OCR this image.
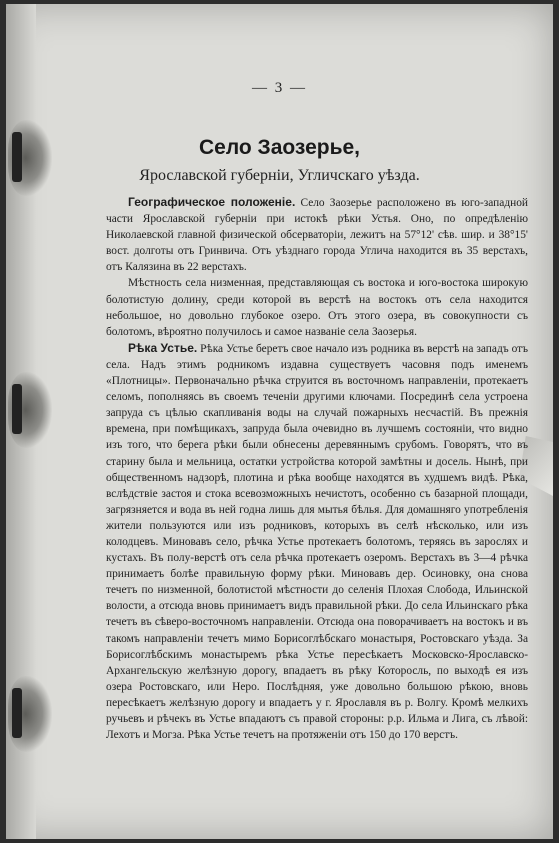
— 3 —
Село Заозерье,
Ярославской губерніи, Угличскаго уѣзда.

Географическое положеніе. Село Заозерье расположено въ юго-западной части Ярославской губерніи при истокѣ рѣки Устья. Оно, по опредѣленію Николаевской главной физической обсерваторіи, лежитъ на 57°12' сѣв. шир. и 38°15' вост. долготы отъ Гринвича. Отъ уѣзднаго города Углича находится въ 35 верстахъ, отъ Калязина въ 22 верстахъ.

Мѣстность села низменная, представляющая съ востока и юго-востока широкую болотистую долину, среди которой въ верстѣ на востокъ отъ села находится небольшое, но довольно глубокое озеро. Отъ этого озера, въ совокупности съ болотомъ, вѣроятно получилось и самое названіе села Заозерья.

Рѣка Устье. Рѣка Устье беретъ свое начало изъ родника въ верстѣ на западъ отъ села. Надъ этимъ родникомъ издавна существуетъ часовня подъ именемъ «Плотницы». Первоначально рѣчка струится въ восточномъ направленіи, протекаетъ селомъ, пополняясь въ своемъ теченіи другими ключами. Посрединѣ села устроена запруда съ цѣлью скапливанія воды на случай пожарныхъ несчастій. Въ прежнія времена, при помѣщикахъ, запруда была очевидно въ лучшемъ состояніи, что видно изъ того, что берега рѣки были обнесены деревяннымъ срубомъ. Говорятъ, что въ старину была и мельница, остатки устройства которой замѣтны и досель. Нынѣ, при общественномъ надзорѣ, плотина и рѣка вообще находятся въ худшемъ видѣ. Рѣка, вслѣдствіе застоя и стока всевозможныхъ нечистотъ, особенно съ базарной площади, загрязняется и вода въ ней годна лишь для мытья бѣлья. Для домашняго употребленія жители пользуются или изъ родниковъ, которыхъ въ селѣ нѣсколько, или изъ колодцевъ. Миновавъ село, рѣчка Устье протекаетъ болотомъ, теряясь въ зарослях и кустахъ. Въ полу-верстѣ отъ села рѣчка протекаетъ озеромъ. Верстахъ въ 3—4 рѣчка принимаетъ болѣе правильную форму рѣки. Миновавъ дер. Осиновку, она снова течетъ по низменной, болотистой мѣстности до селенія Плохая Слобода, Ильинской волости, а отсюда вновь принимаетъ видъ правильной рѣки. До села Ильинскаго рѣка течетъ въ сѣверо-восточномъ направленіи. Отсюда она поворачиваетъ на востокъ и въ такомъ направленіи течетъ мимо Борисоглѣбскаго монастыря, Ростовскаго уѣзда. За Борисоглѣбскимъ монастыремъ рѣка Устье пересѣкаетъ Московско-Ярославско-Архангельскую желѣзную дорогу, впадаетъ въ рѣку Которосль, по выходѣ ея изъ озера Ростовскаго, или Неро. Послѣдняя, уже довольно большою рѣкою, вновь пересѣкаетъ желѣзную дорогу и впадаетъ у г. Ярославля въ р. Волгу. Кромѣ мелкихъ ручьевъ и рѣчекъ въ Устье впадаютъ съ правой стороны: р.р. Ильма и Лига, съ лѣвой: Лехотъ и Могза. Рѣка Устье течетъ на протяженіи отъ 150 до 170 верстъ.
